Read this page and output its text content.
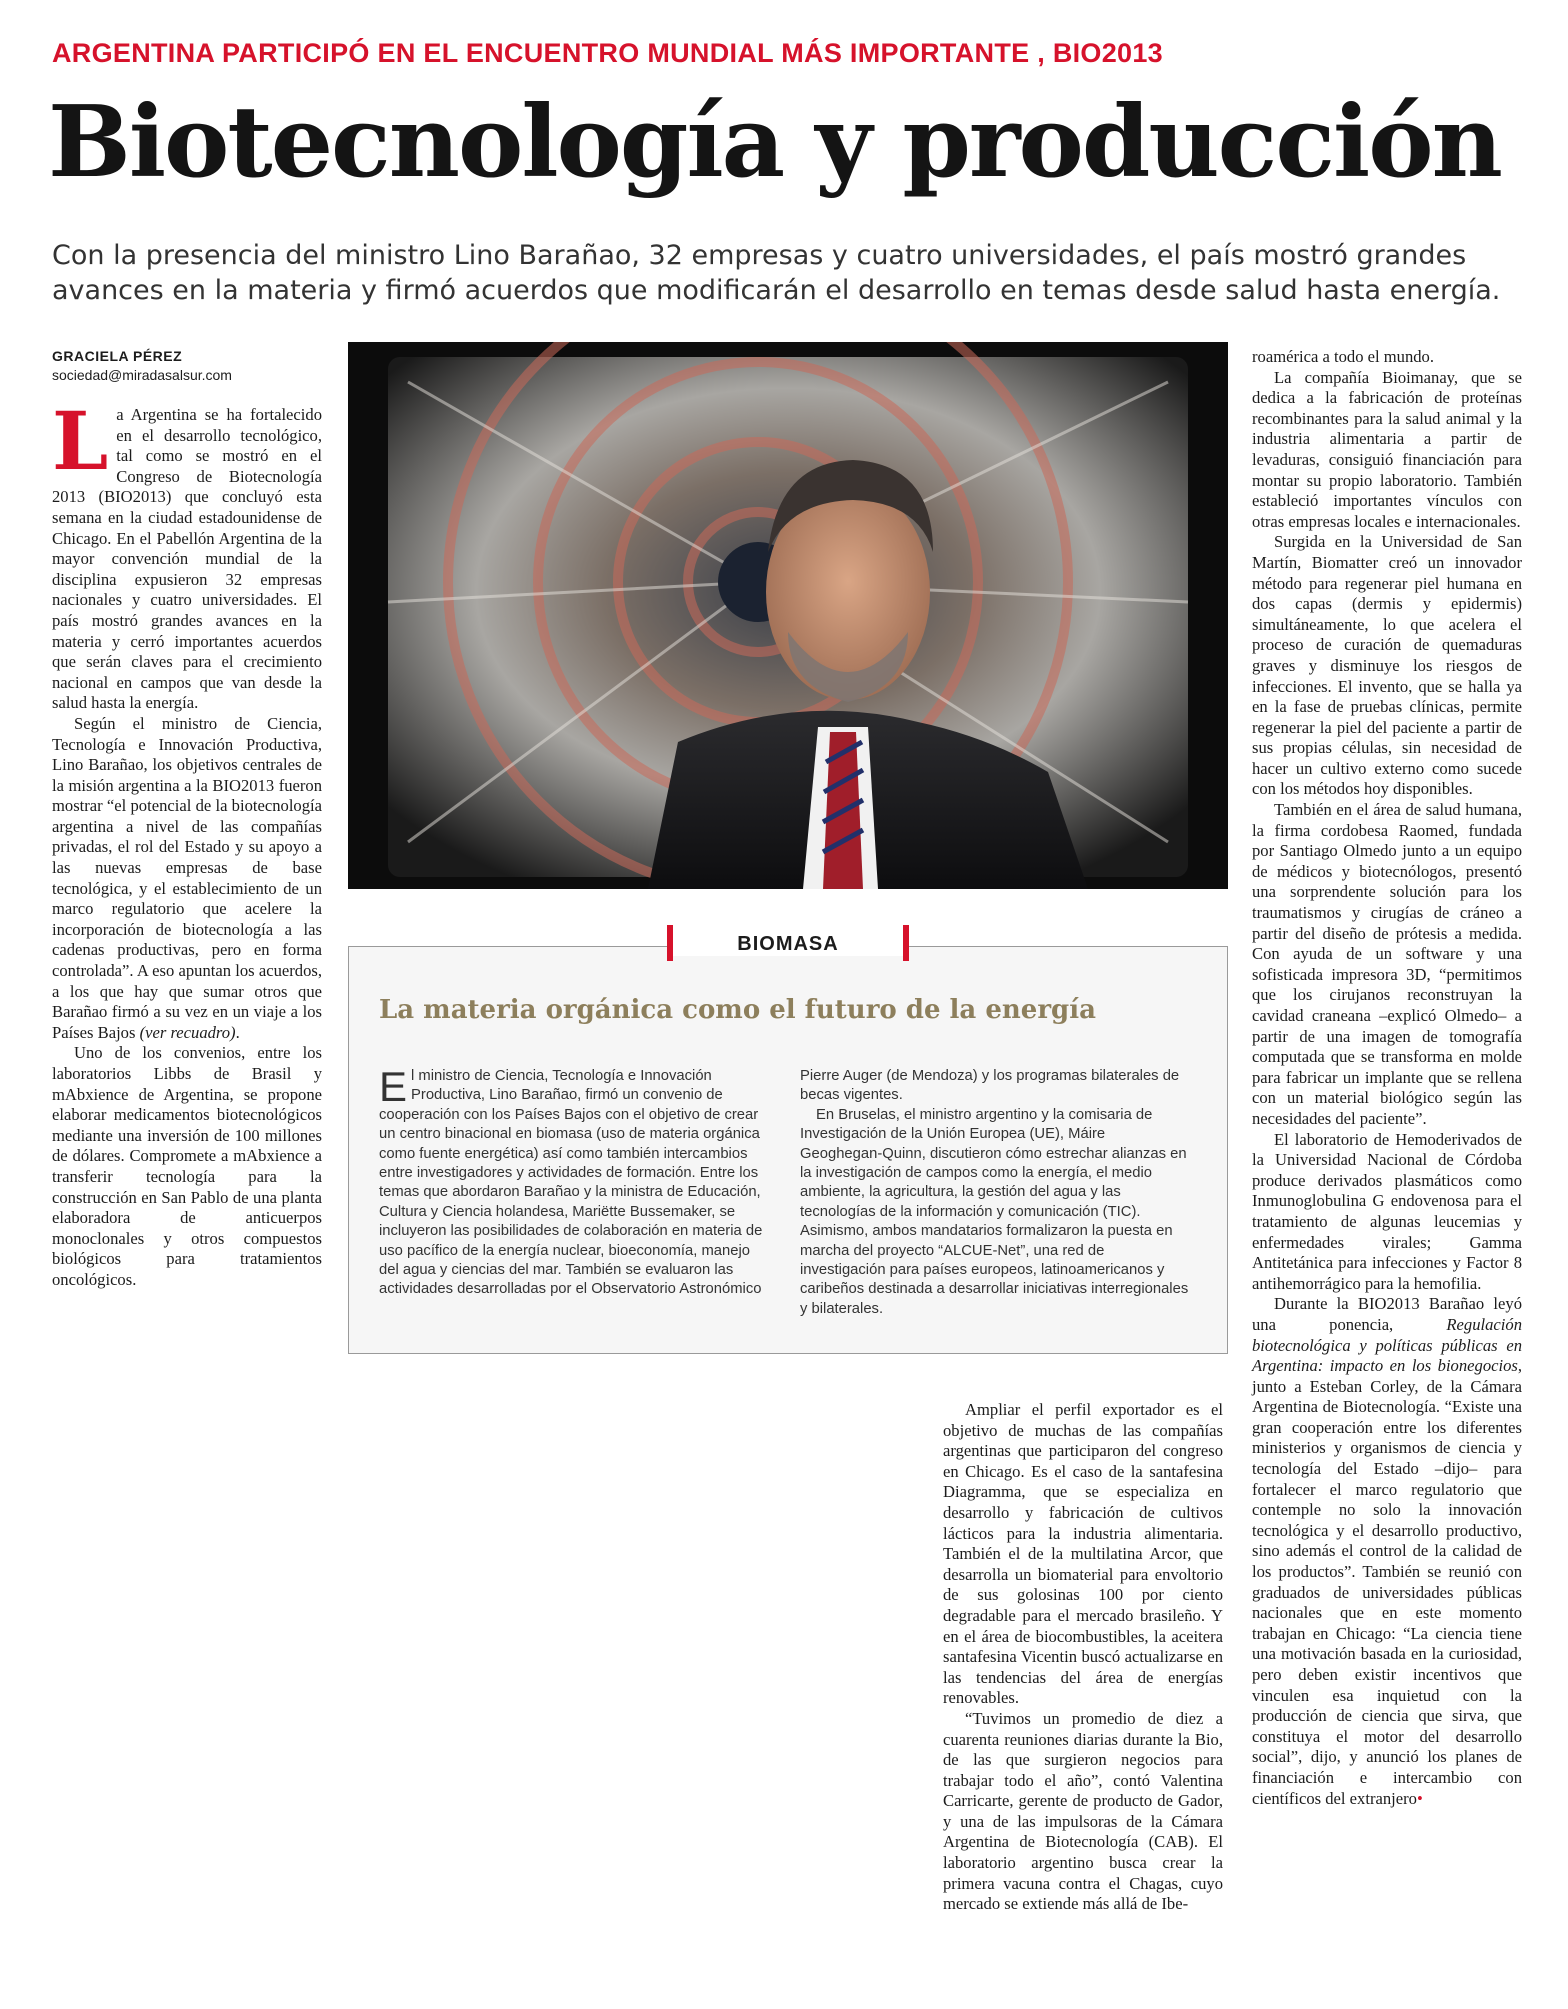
ARGENTINA PARTICIPÓ EN EL ENCUENTRO MUNDIAL MÁS IMPORTANTE , BIO2013
Biotecnología y producción
Con la presencia del ministro Lino Barañao, 32 empresas y cuatro universidades, el país mostró grandes avances en la materia y firmó acuerdos que modificarán el desarrollo en temas desde salud hasta energía.
GRACIELA PÉREZ
sociedad@miradasalsur.com

La Argentina se ha fortalecido en el desarrollo tecnológico, tal como se mostró en el Congreso de Biotecnología 2013 (BIO2013) que concluyó esta semana en la ciudad estadounidense de Chicago. En el Pabellón Argentina de la mayor convención mundial de la disciplina expusieron 32 empresas nacionales y cuatro universidades. El país mostró grandes avances en la materia y cerró importantes acuerdos que serán claves para el crecimiento nacional en campos que van desde la salud hasta la energía.

Según el ministro de Ciencia, Tecnología e Innovación Productiva, Lino Barañao, los objetivos centrales de la misión argentina a la BIO2013 fueron mostrar “el potencial de la biotecnología argentina a nivel de las compañías privadas, el rol del Estado y su apoyo a las nuevas empresas de base tecnológica, y el establecimiento de un marco regulatorio que acelere la incorporación de biotecnología a las cadenas productivas, pero en forma controlada”. A eso apuntan los acuerdos, a los que hay que sumar otros que Barañao firmó a su vez en un viaje a los Países Bajos (ver recuadro).

Uno de los convenios, entre los laboratorios Libbs de Brasil y mAbxience de Argentina, se propone elaborar medicamentos biotecnológicos mediante una inversión de 100 millones de dólares. Compromete a mAbxience a transferir tecnología para la construcción en San Pablo de una planta elaboradora de anticuerpos monoclonales y otros compuestos biológicos para tratamientos oncológicos.

BIOMASA
La materia orgánica como el futuro de la energía

El ministro de Ciencia, Tecnología e Innovación Productiva, Lino Barañao, firmó un convenio de cooperación con los Países Bajos con el objetivo de crear un centro binacional en biomasa (uso de materia orgánica como fuente energética) así como también intercambios entre investigadores y actividades de formación. Entre los temas que abordaron Barañao y la ministra de Educación, Cultura y Ciencia holandesa, Mariëtte Bussemaker, se incluyeron las posibilidades de colaboración en materia de uso pacífico de la energía nuclear, bioeconomía, manejo del agua y ciencias del mar. También se evaluaron las actividades desarrolladas por el Observatorio Astronómico Pierre Auger (de Mendoza) y los programas bilaterales de becas vigentes.

En Bruselas, el ministro argentino y la comisaria de Investigación de la Unión Europea (UE), Máire Geoghegan-Quinn, discutieron cómo estrechar alianzas en la investigación de campos como la energía, el medio ambiente, la agricultura, la gestión del agua y las tecnologías de la información y comunicación (TIC). Asimismo, ambos mandatarios formalizaron la puesta en marcha del proyecto “ALCUE-Net”, una red de investigación para países europeos, latinoamericanos y caribeños destinada a desarrollar iniciativas interregionales y bilaterales.

Ampliar el perfil exportador es el objetivo de muchas de las compañías argentinas que participaron del congreso en Chicago. Es el caso de la santafesina Diagramma, que se especializa en desarrollo y fabricación de cultivos lácticos para la industria alimentaria. También el de la multilatina Arcor, que desarrolla un biomaterial para envoltorio de sus golosinas 100 por ciento degradable para el mercado brasileño. Y en el área de biocombustibles, la aceitera santafesina Vicentin buscó actualizarse en las tendencias del área de energías renovables.

“Tuvimos un promedio de diez a cuarenta reuniones diarias durante la Bio, de las que surgieron negocios para trabajar todo el año”, contó Valentina Carricarte, gerente de producto de Gador, y una de las impulsoras de la Cámara Argentina de Biotecnología (CAB). El laboratorio argentino busca crear la primera vacuna contra el Chagas, cuyo mercado se extiende más allá de Ibe-

roamérica a todo el mundo.

La compañía Bioimanay, que se dedica a la fabricación de proteínas recombinantes para la salud animal y la industria alimentaria a partir de levaduras, consiguió financiación para montar su propio laboratorio. También estableció importantes vínculos con otras empresas locales e internacionales.

Surgida en la Universidad de San Martín, Biomatter creó un innovador método para regenerar piel humana en dos capas (dermis y epidermis) simultáneamente, lo que acelera el proceso de curación de quemaduras graves y disminuye los riesgos de infecciones. El invento, que se halla ya en la fase de pruebas clínicas, permite regenerar la piel del paciente a partir de sus propias células, sin necesidad de hacer un cultivo externo como sucede con los métodos hoy disponibles.

También en el área de salud humana, la firma cordobesa Raomed, fundada por Santiago Olmedo junto a un equipo de médicos y biotecnólogos, presentó una sorprendente solución para los traumatismos y cirugías de cráneo a partir del diseño de prótesis a medida. Con ayuda de un software y una sofisticada impresora 3D, “permitimos que los cirujanos reconstruyan la cavidad craneana –explicó Olmedo– a partir de una imagen de tomografía computada que se transforma en molde para fabricar un implante que se rellena con un material biológico según las necesidades del paciente”.

El laboratorio de Hemoderivados de la Universidad Nacional de Córdoba produce derivados plasmáticos como Inmunoglobulina G endovenosa para el tratamiento de algunas leucemias y enfermedades virales; Gamma Antitetánica para infecciones y Factor 8 antihemorrágico para la hemofilia.

Durante la BIO2013 Barañao leyó una ponencia, Regulación biotecnológica y políticas públicas en Argentina: impacto en los bionegocios, junto a Esteban Corley, de la Cámara Argentina de Biotecnología. “Existe una gran cooperación entre los diferentes ministerios y organismos de ciencia y tecnología del Estado –dijo– para fortalecer el marco regulatorio que contemple no solo la innovación tecnológica y el desarrollo productivo, sino además el control de la calidad de los productos”. También se reunió con graduados de universidades públicas nacionales que en este momento trabajan en Chicago: “La ciencia tiene una motivación basada en la curiosidad, pero deben existir incentivos que vinculen esa inquietud con la producción de ciencia que sirva, que constituya el motor del desarrollo social”, dijo, y anunció los planes de financiación e intercambio con científicos del extranjero•
